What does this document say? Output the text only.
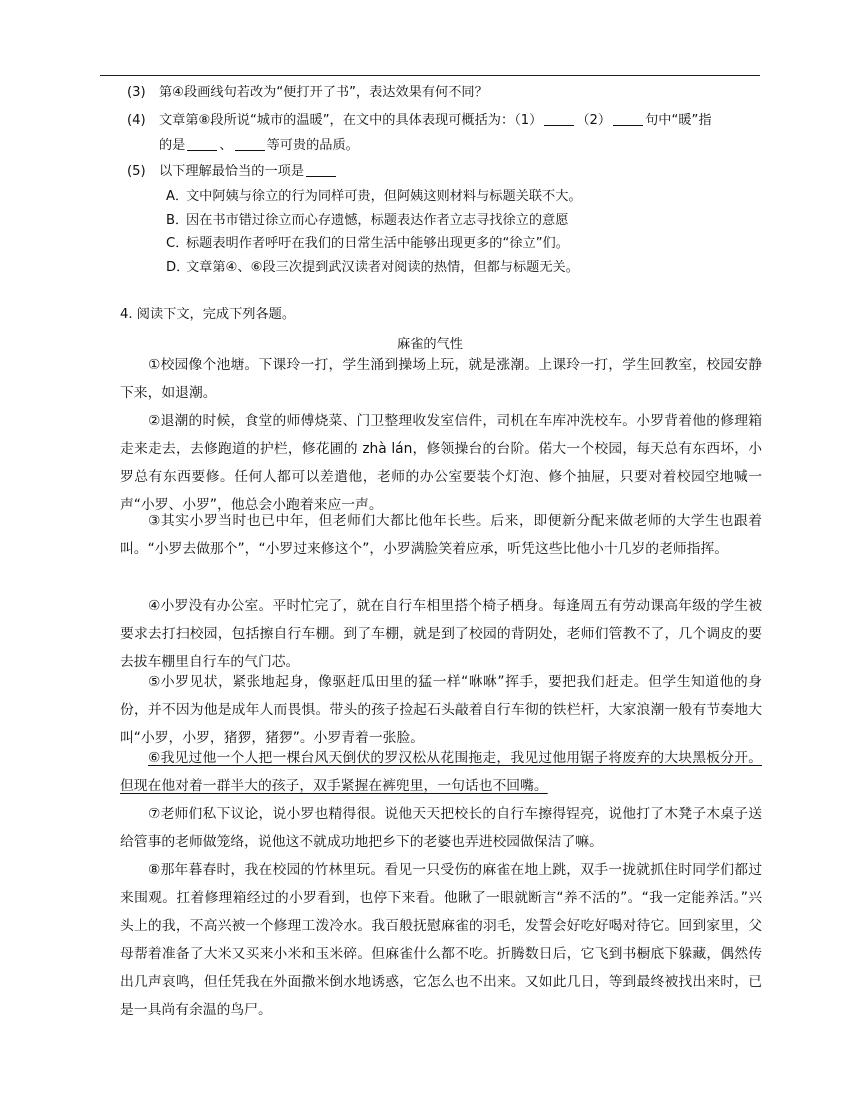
(3) 第④段画线句若改为“便打开了书”，表达效果有何不同？
(4) 文章第⑧段所说“城市的温暖”，在文中的具体表现可概括为：（1）	（2）	句中“暖”指
的是	、	等可贵的品质。
(5) 以下理解最恰当的一项是
A．文中阿姨与徐立的行为同样可贵，但阿姨这则材料与标题关联不大。
B．因在书市错过徐立而心存遗憾，标题表达作者立志寻找徐立的意愿
C．标题表明作者呼吁在我们的日常生活中能够出现更多的“徐立”们。
D．文章第④、⑥段三次提到武汉读者对阅读的热情，但都与标题无关。
4. 阅读下文，完成下列各题。
麻雀的气性

①校园像个池塘。下课玲一打，学生涌到操场上玩，就是涨潮。上课玲一打，学生回教室，校园安静下来，如退潮。

②退潮的时候，食堂的师傅烧菜、门卫整理收发室信件，司机在车库冲洗校车。小罗背着他的修理箱走来走去，去修跑道的护栏，修花圃的 zhà lán，修领操台的台阶。偌大一个校园，每天总有东西坏，小罗总有东西要修。任何人都可以差遣他，老师的办公室要装个灯泡、修个抽屉，只要对着校园空地喊一声“小罗、小罗”，他总会小跑着来应一声。

③其实小罗当时也已中年，但老师们大都比他年长些。后来，即便新分配来做老师的大学生也跟着叫。“小罗去做那个”，“小罗过来修这个”，小罗满脸笑着应承，听凭这些比他小十几岁的老师指挥。

④小罗没有办公室。平时忙完了，就在自行车相里搭个椅子栖身。每逢周五有劳动课高年级的学生被要求去打扫校园，包括擦自行车棚。到了车棚，就是到了校园的背阴处，老师们管教不了，几个调皮的要去拔车棚里自行车的气门芯。

⑤小罗见状，紧张地起身，像驱赶瓜田里的猛一样“咻咻”挥手，要把我们赶走。但学生知道他的身份，并不因为他是成年人而畏惧。带头的孩子捡起石头敲着自行车彻的铁栏杆，大家浪潮一般有节奏地大叫“小罗，小罗，猪猡，猪猡”。小罗青着一张脸。

⑥我见过他一个人把一棵台风天倒伏的罗汉松从花围拖走，我见过他用锯子将废弃的大块黑板分开。但现在他对着一群半大的孩子，双手紧握在裤兜里，一句话也不回嘴。

⑦老师们私下议论，说小罗也精得很。说他天天把校长的自行车擦得锃亮，说他打了木凳子木桌子送给管事的老师做笼络，说他这不就成功地把乡下的老婆也弄进校园做保洁了嘛。

⑧那年暮春时，我在校园的竹林里玩。看见一只受伤的麻雀在地上跳，双手一拢就抓住时同学们都过来围观。扛着修理箱经过的小罗看到，也停下来看。他瞅了一眼就断言“养不活的”。“我一定能养活。”兴头上的我，不高兴被一个修理工泼冷水。我百般抚慰麻雀的羽毛，发誓会好吃好喝对待它。回到家里，父母帮着准备了大米又买来小米和玉米碎。但麻雀什么都不吃。折腾数日后，它飞到书橱底下躲藏，偶然传出几声哀鸣，但任凭我在外面撒米倒水地诱惑，它怎么也不出来。又如此几日，等到最终被找出来时，已是一具尚有余温的鸟尸。
